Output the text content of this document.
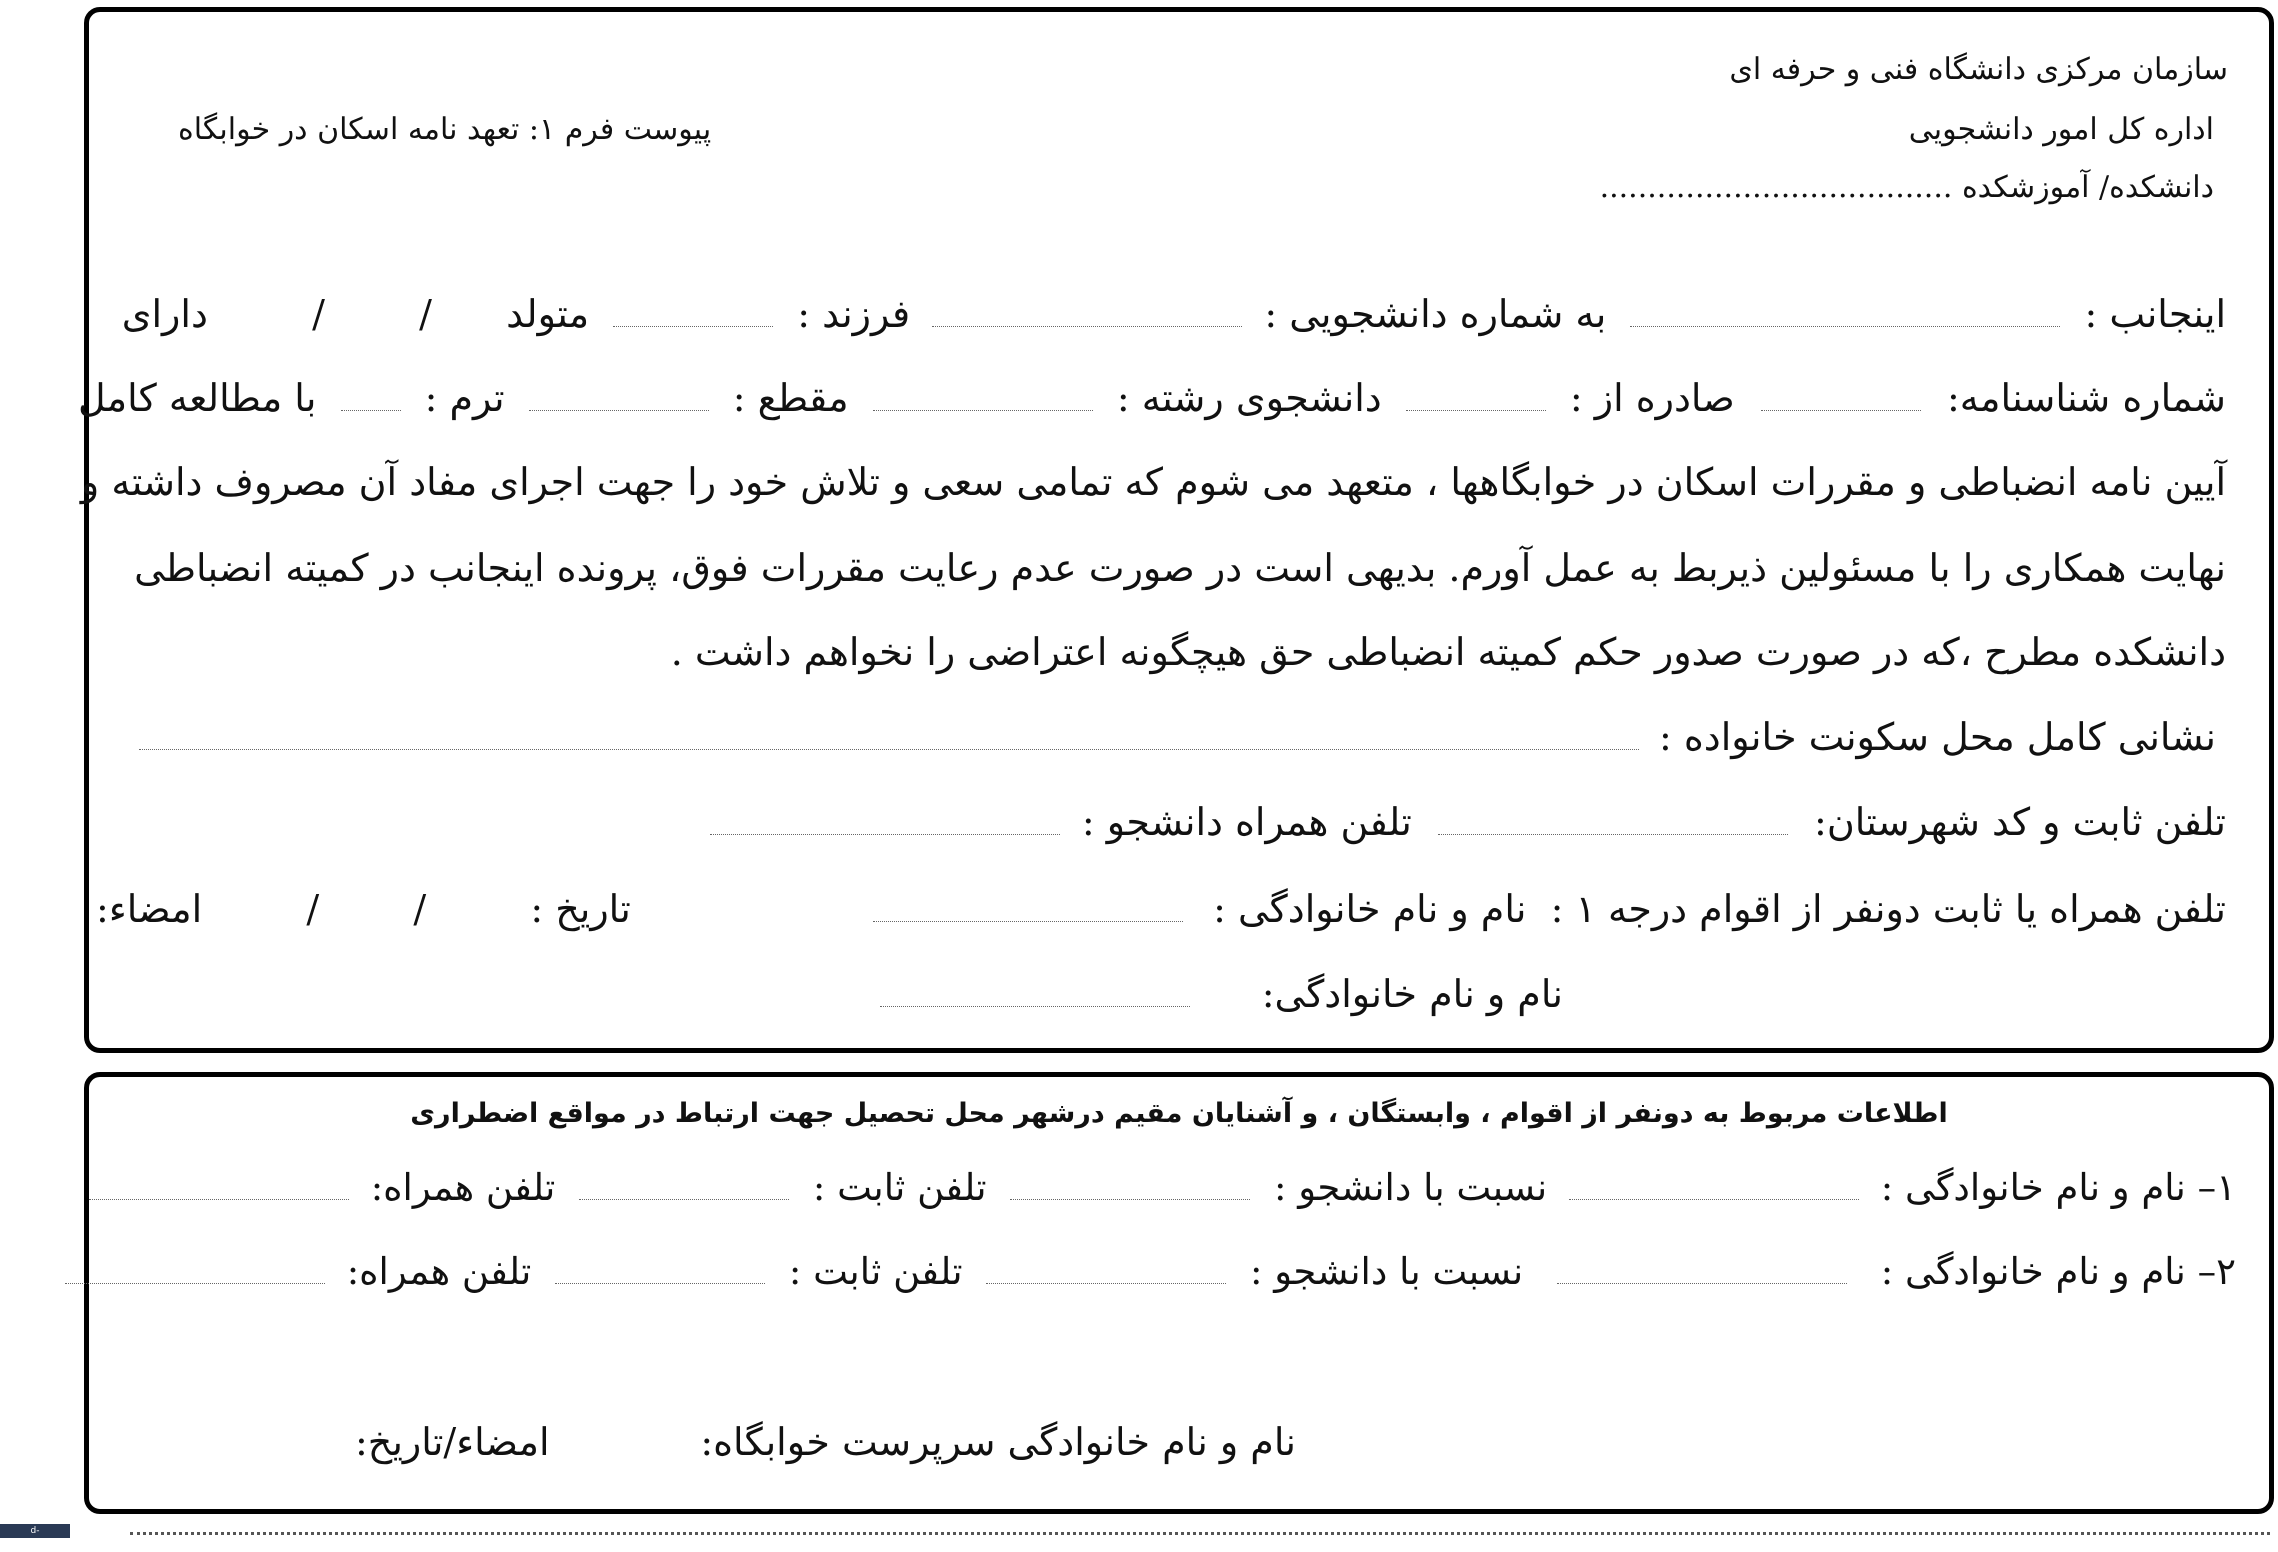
سازمان مرکزی دانشگاه فنی و حرفه ای
اداره کل امور دانشجویی
دانشکده/ آموزشکده .....................................
پیوست فرم ۱: تعهد نامه اسکان در خوابگاه
اینجانب :  به شماره دانشجویی :  فرزند :  متولد  /  /  دارای
شماره شناسنامه:  صادره از :  دانشجوی رشته :  مقطع :  ترم :  با مطالعه کامل
آیین نامه انضباطی و مقررات اسکان در خوابگاهها ، متعهد می شوم که تمامی سعی و تلاش خود را جهت اجرای مفاد آن مصروف داشته و
نهایت همکاری را با مسئولین ذیربط به عمل آورم. بدیهی است در صورت عدم رعایت مقررات فوق، پرونده اینجانب در کمیته انضباطی
دانشکده مطرح ،که در صورت صدور حکم کمیته انضباطی حق هیچگونه اعتراضی را نخواهم داشت .
نشانی کامل محل سکونت خانواده :
تلفن ثابت و کد شهرستان:  تلفن همراه دانشجو :
تلفن همراه یا ثابت دونفر از اقوام درجه ۱ : نام و نام خانوادگی :   تاریخ :  /  /  امضاء:
نام و نام خانوادگی:
اطلاعات مربوط به دونفر از اقوام ، وابستگان ، و آشنایان مقیم درشهر محل تحصیل جهت ارتباط در مواقع اضطراری
۱– نام و نام خانوادگی :  نسبت با دانشجو :  تلفن ثابت :  تلفن همراه:
۲– نام و نام خانوادگی :  نسبت با دانشجو :  تلفن ثابت :  تلفن همراه:
نام و نام خانوادگی سرپرست خوابگاه:
امضاء/تاریخ:
d-meybod.tvu.ac.ir
